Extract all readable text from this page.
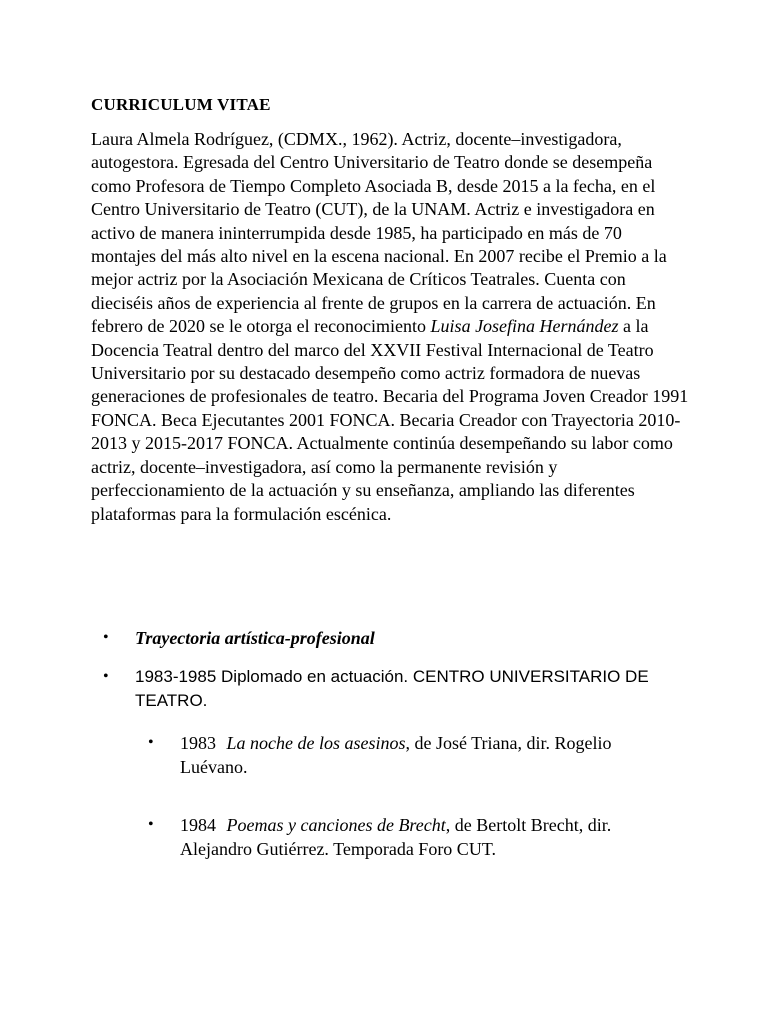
CURRICULUM VITAE

Laura Almela Rodríguez, (CDMX., 1962). Actriz, docente–investigadora, autogestora. Egresada del Centro Universitario de Teatro donde se desempeña como Profesora de Tiempo Completo Asociada B, desde 2015 a la fecha, en el Centro Universitario de Teatro (CUT), de la UNAM. Actriz e investigadora en activo de manera ininterrumpida desde 1985, ha participado en más de 70 montajes del más alto nivel en la escena nacional. En 2007 recibe el Premio a la mejor actriz por la Asociación Mexicana de Críticos Teatrales. Cuenta con dieciséis años de experiencia al frente de grupos en la carrera de actuación. En febrero de 2020 se le otorga el reconocimiento Luisa Josefina Hernández a la Docencia Teatral dentro del marco del XXVII Festival Internacional de Teatro Universitario por su destacado desempeño como actriz formadora de nuevas generaciones de profesionales de teatro. Becaria del Programa Joven Creador 1991 FONCA. Beca Ejecutantes 2001 FONCA. Becaria Creador con Trayectoria 2010-2013 y 2015-2017 FONCA. Actualmente continúa desempeñando su labor como actriz, docente–investigadora, así como la permanente revisión y perfeccionamiento de la actuación y su enseñanza, ampliando las diferentes plataformas para la formulación escénica.

• Trayectoria artística-profesional
• 1983-1985 Diplomado en actuación. CENTRO UNIVERSITARIO DE TEATRO.
• 1983 La noche de los asesinos, de José Triana, dir. Rogelio Luévano.
• 1984 Poemas y canciones de Brecht, de Bertolt Brecht, dir. Alejandro Gutiérrez. Temporada Foro CUT.
